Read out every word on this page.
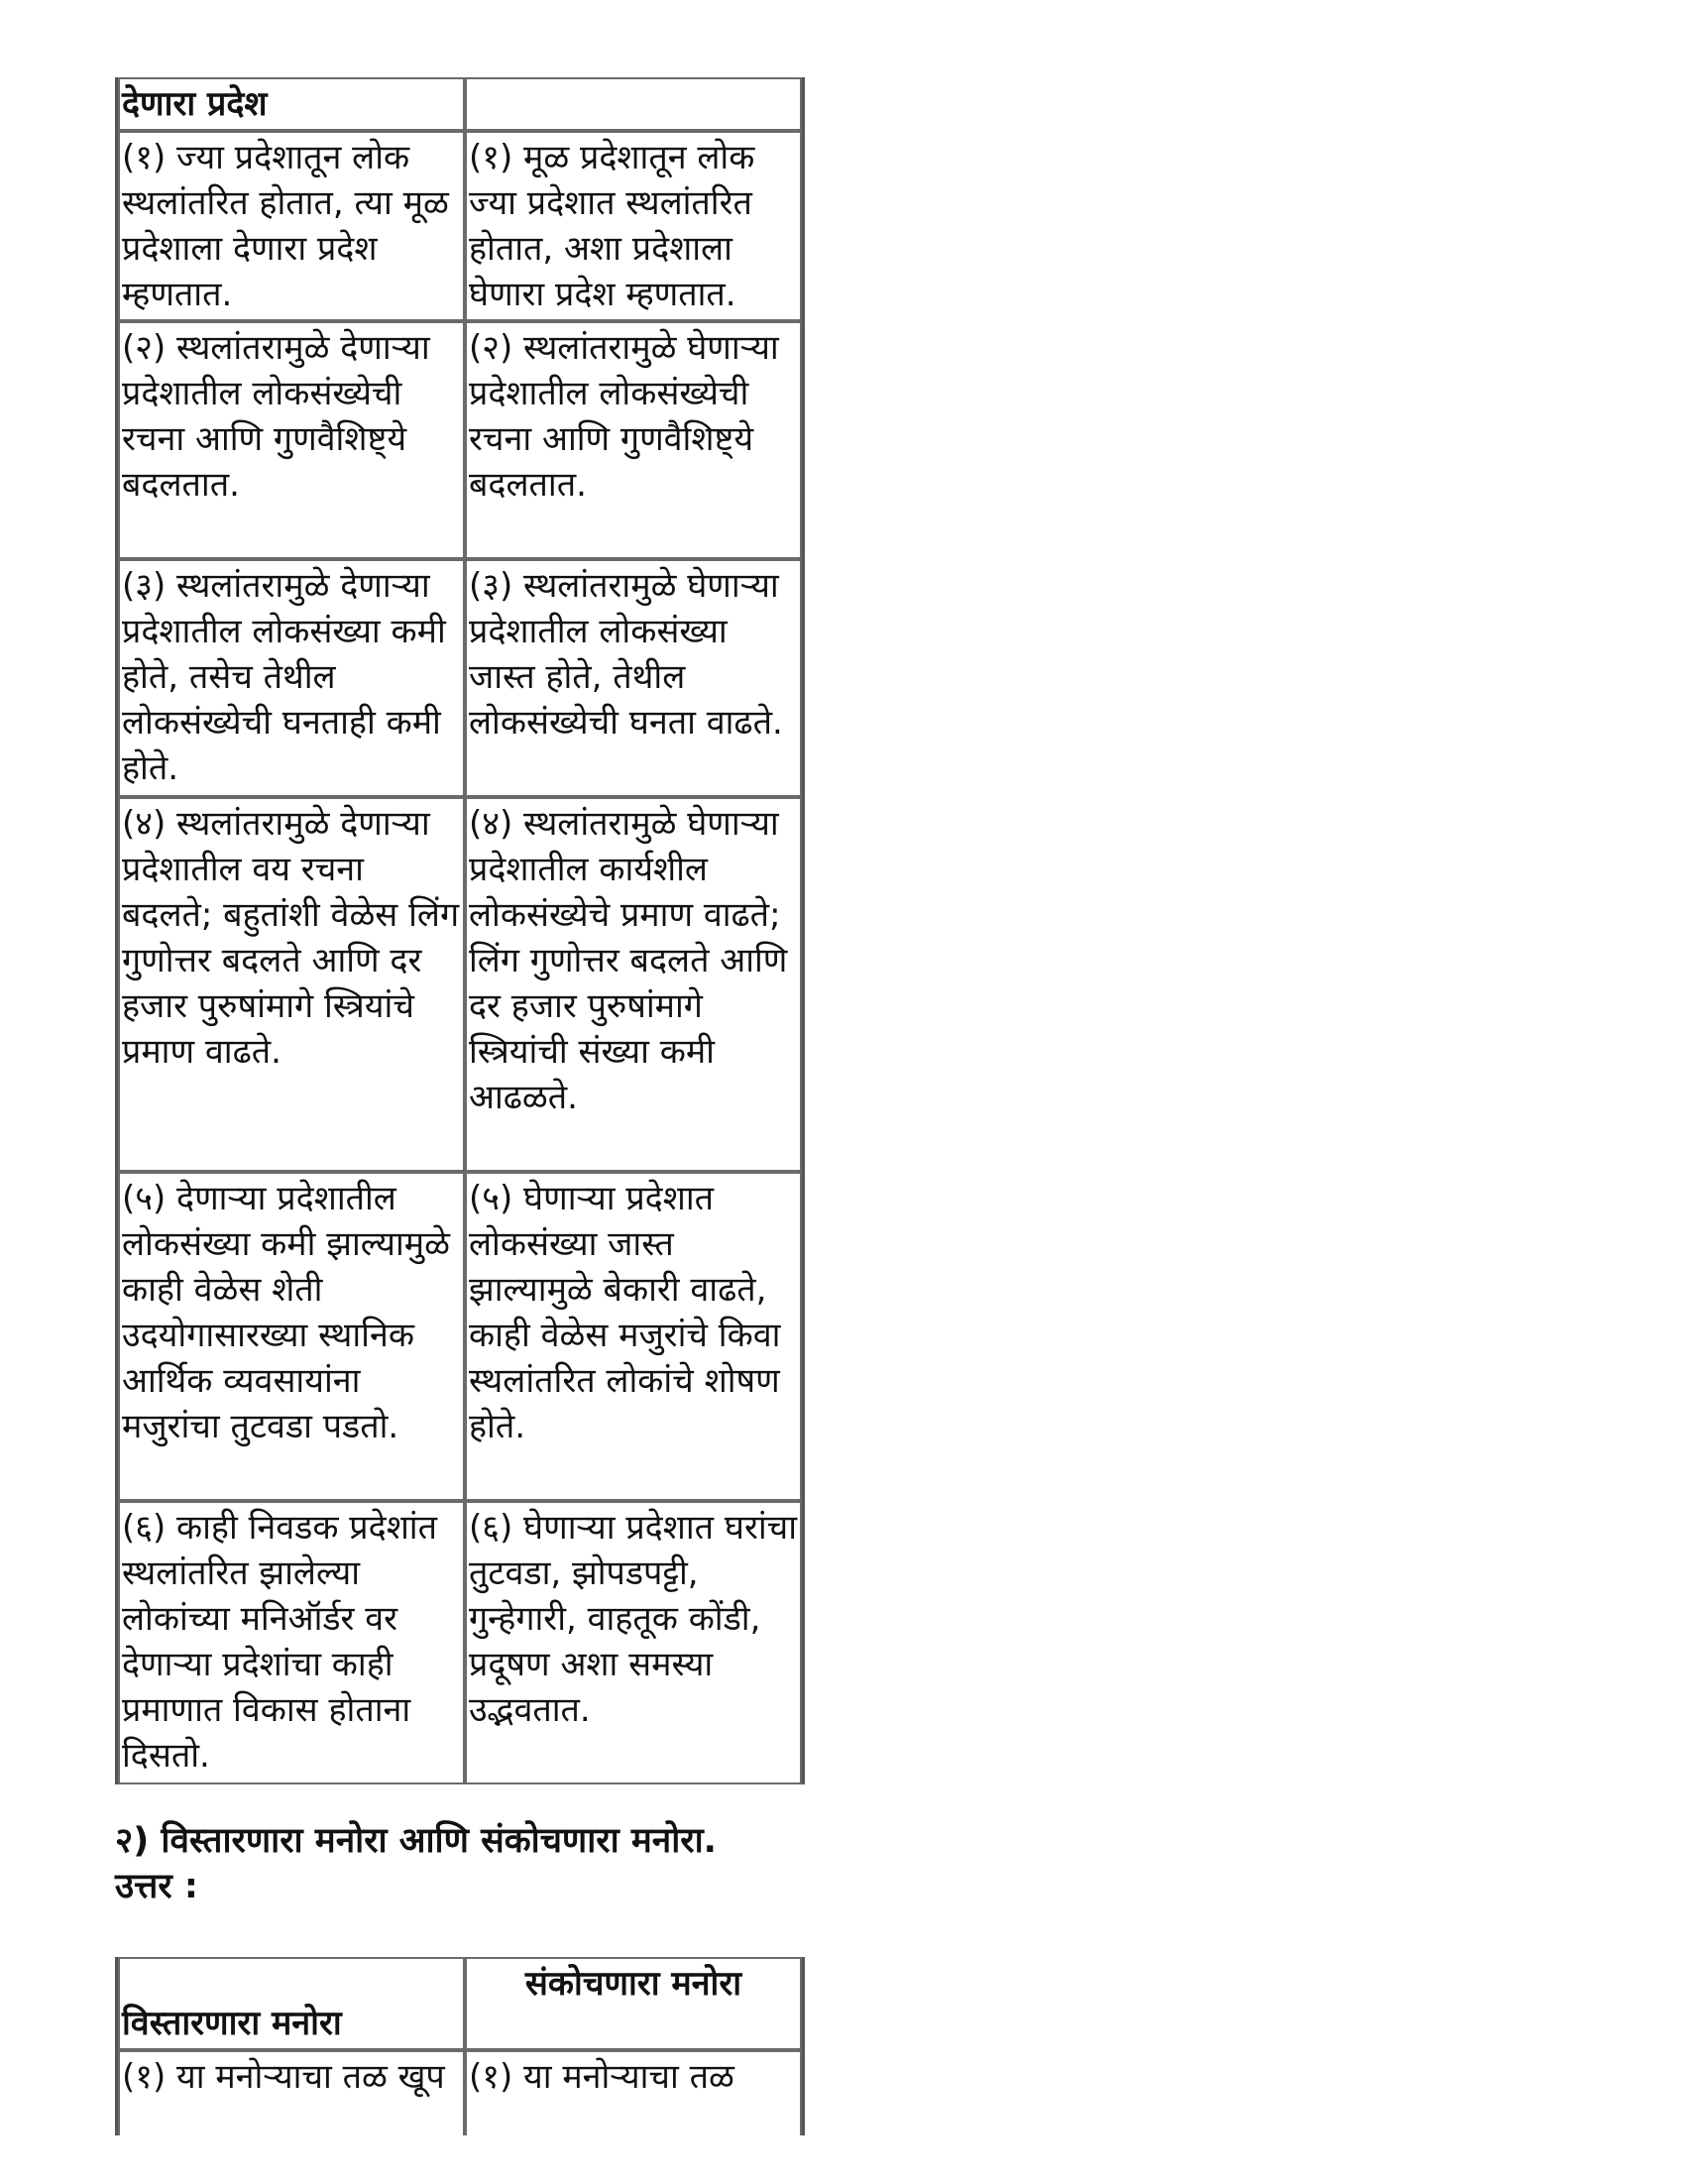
देणारा प्रदेश	
(१) ज्या प्रदेशातून लोक स्थलांतरित होतात, त्या मूळ प्रदेशाला देणारा प्रदेश म्हणतात.	(१) मूळ प्रदेशातून लोक ज्या प्रदेशात स्थलांतरित होतात, अशा प्रदेशाला घेणारा प्रदेश म्हणतात.
(२) स्थलांतरामुळे देणाऱ्या प्रदेशातील लोकसंख्येची रचना आणि गुणवैशिष्ट्ये बदलतात.	(२) स्थलांतरामुळे घेणाऱ्या प्रदेशातील लोकसंख्येची रचना आणि गुणवैशिष्ट्ये बदलतात.
(३) स्थलांतरामुळे देणाऱ्या प्रदेशातील लोकसंख्या कमी होते, तसेच तेथील लोकसंख्येची घनताही कमी होते.	(३) स्थलांतरामुळे घेणाऱ्या प्रदेशातील लोकसंख्या जास्त होते, तेथील लोकसंख्येची घनता वाढते.
(४) स्थलांतरामुळे देणाऱ्या प्रदेशातील वय रचना बदलते; बहुतांशी वेळेस लिंग गुणोत्तर बदलते आणि दर हजार पुरुषांमागे स्त्रियांचे प्रमाण वाढते.	(४) स्थलांतरामुळे घेणाऱ्या प्रदेशातील कार्यशील लोकसंख्येचे प्रमाण वाढते; लिंग गुणोत्तर बदलते आणि दर हजार पुरुषांमागे स्त्रियांची संख्या कमी आढळते.
(५) देणाऱ्या प्रदेशातील लोकसंख्या कमी झाल्यामुळे काही वेळेस शेती उदयोगासारख्या स्थानिक आर्थिक व्यवसायांना मजुरांचा तुटवडा पडतो.	(५) घेणाऱ्या प्रदेशात लोकसंख्या जास्त झाल्यामुळे बेकारी वाढते, काही वेळेस मजुरांचे किवा स्थलांतरित लोकांचे शोषण होते.
(६) काही निवडक प्रदेशांत स्थलांतरित झालेल्या लोकांच्या मनिऑर्डर वर देणाऱ्या प्रदेशांचा काही प्रमाणात विकास होताना दिसतो.	(६) घेणाऱ्या प्रदेशात घरांचा तुटवडा, झोपडपट्टी, गुन्हेगारी, वाहतूक कोंडी, प्रदूषण अशा समस्या उद्भवतात.
२) विस्तारणारा मनोरा आणि संकोचणारा मनोरा.
उत्तर :
विस्तारणारा मनोरा	संकोचणारा मनोरा
(१) या मनोऱ्याचा तळ खूप	(१) या मनोऱ्याचा तळ
